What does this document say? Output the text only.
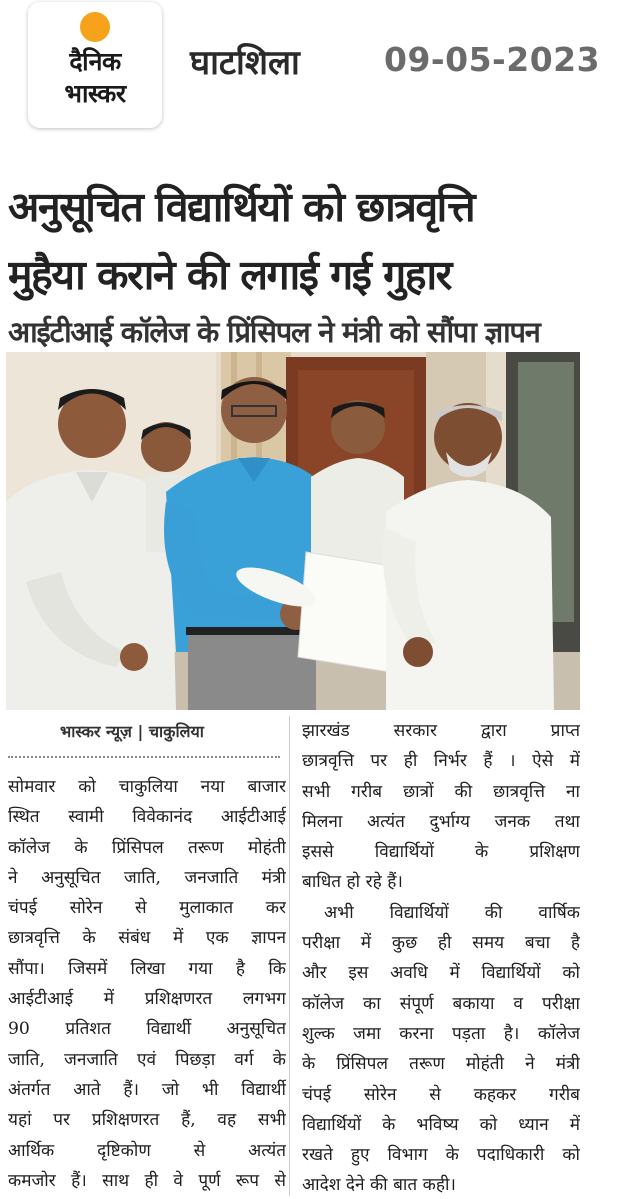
दैनिक
भास्कर
घाटशिला	09-05-2023
अनुसूचित विद्यार्थियों को छात्रवृत्ति
मुहैया कराने की लगाई गई गुहार
आईटीआई कॉलेज के प्रिंसिपल ने मंत्री को सौंपा ज्ञापन
भास्कर न्यूज़ | चाकुलिया
सोमवार को चाकुलिया नया बाजार
स्थित स्वामी विवेकानंद आईटीआई
कॉलेज के प्रिंसिपल तरूण मोहंती
ने अनुसूचित जाति, जनजाति मंत्री
चंपई सोरेन से मुलाकात कर
छात्रवृत्ति के संबंध में एक ज्ञापन
सौंपा। जिसमें लिखा गया है कि
आईटीआई में प्रशिक्षणरत लगभग
90 प्रतिशत विद्यार्थी अनुसूचित
जाति, जनजाति एवं पिछड़ा वर्ग के
अंतर्गत आते हैं। जो भी विद्यार्थी
यहां पर प्रशिक्षणरत हैं, वह सभी
आर्थिक दृष्टिकोण से अत्यंत
कमजोर हैं। साथ ही वे पूर्ण रूप से
झारखंड सरकार द्वारा प्राप्त
छात्रवृत्ति पर ही निर्भर हैं । ऐसे में
सभी गरीब छात्रों की छात्रवृत्ति ना
मिलना अत्यंत दुर्भाग्य जनक तथा
इससे विद्यार्थियों के प्रशिक्षण
बाधित हो रहे हैं।
अभी विद्यार्थियों की वार्षिक
परीक्षा में कुछ ही समय बचा है
और इस अवधि में विद्यार्थियों को
कॉलेज का संपूर्ण बकाया व परीक्षा
शुल्क जमा करना पड़ता है। कॉलेज
के प्रिंसिपल तरूण मोहंती ने मंत्री
चंपई सोरेन से कहकर गरीब
विद्यार्थियों के भविष्य को ध्यान में
रखते हुए विभाग के पदाधिकारी को
आदेश देने की बात कही।
